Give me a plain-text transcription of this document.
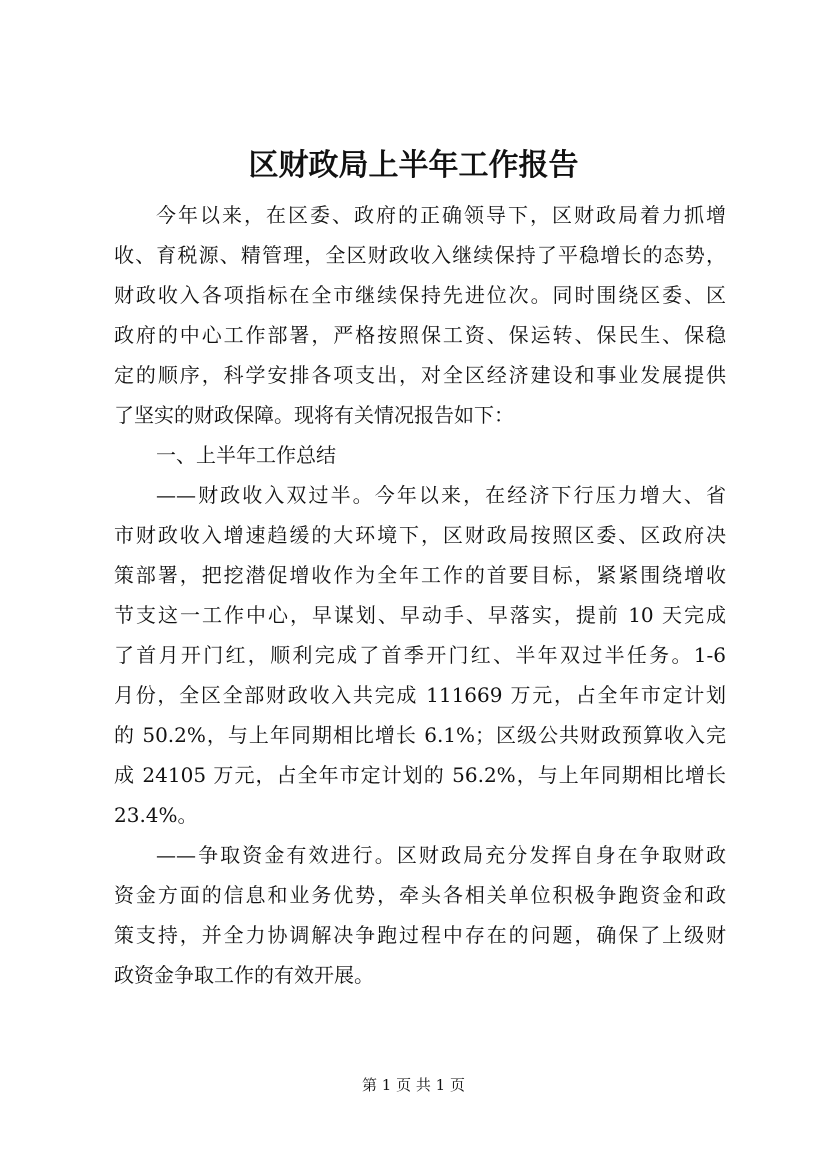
区财政局上半年工作报告
今年以来，在区委、政府的正确领导下，区财政局着力抓增
收、育税源、精管理，全区财政收入继续保持了平稳增长的态势，
财政收入各项指标在全市继续保持先进位次。同时围绕区委、区
政府的中心工作部署，严格按照保工资、保运转、保民生、保稳
定的顺序，科学安排各项支出，对全区经济建设和事业发展提供
了坚实的财政保障。现将有关情况报告如下：
一、上半年工作总结
——财政收入双过半。今年以来，在经济下行压力增大、省
市财政收入增速趋缓的大环境下，区财政局按照区委、区政府决
策部署，把挖潜促增收作为全年工作的首要目标，紧紧围绕增收
节支这一工作中心，早谋划、早动手、早落实，提前 10 天完成
了首月开门红，顺利完成了首季开门红、半年双过半任务。1-6
月份，全区全部财政收入共完成 111669 万元，占全年市定计划
的 50.2%，与上年同期相比增长 6.1%；区级公共财政预算收入完
成 24105 万元，占全年市定计划的 56.2%，与上年同期相比增长
23.4%。
——争取资金有效进行。区财政局充分发挥自身在争取财政
资金方面的信息和业务优势，牵头各相关单位积极争跑资金和政
策支持，并全力协调解决争跑过程中存在的问题，确保了上级财
政资金争取工作的有效开展。
第 1 页 共 1 页
